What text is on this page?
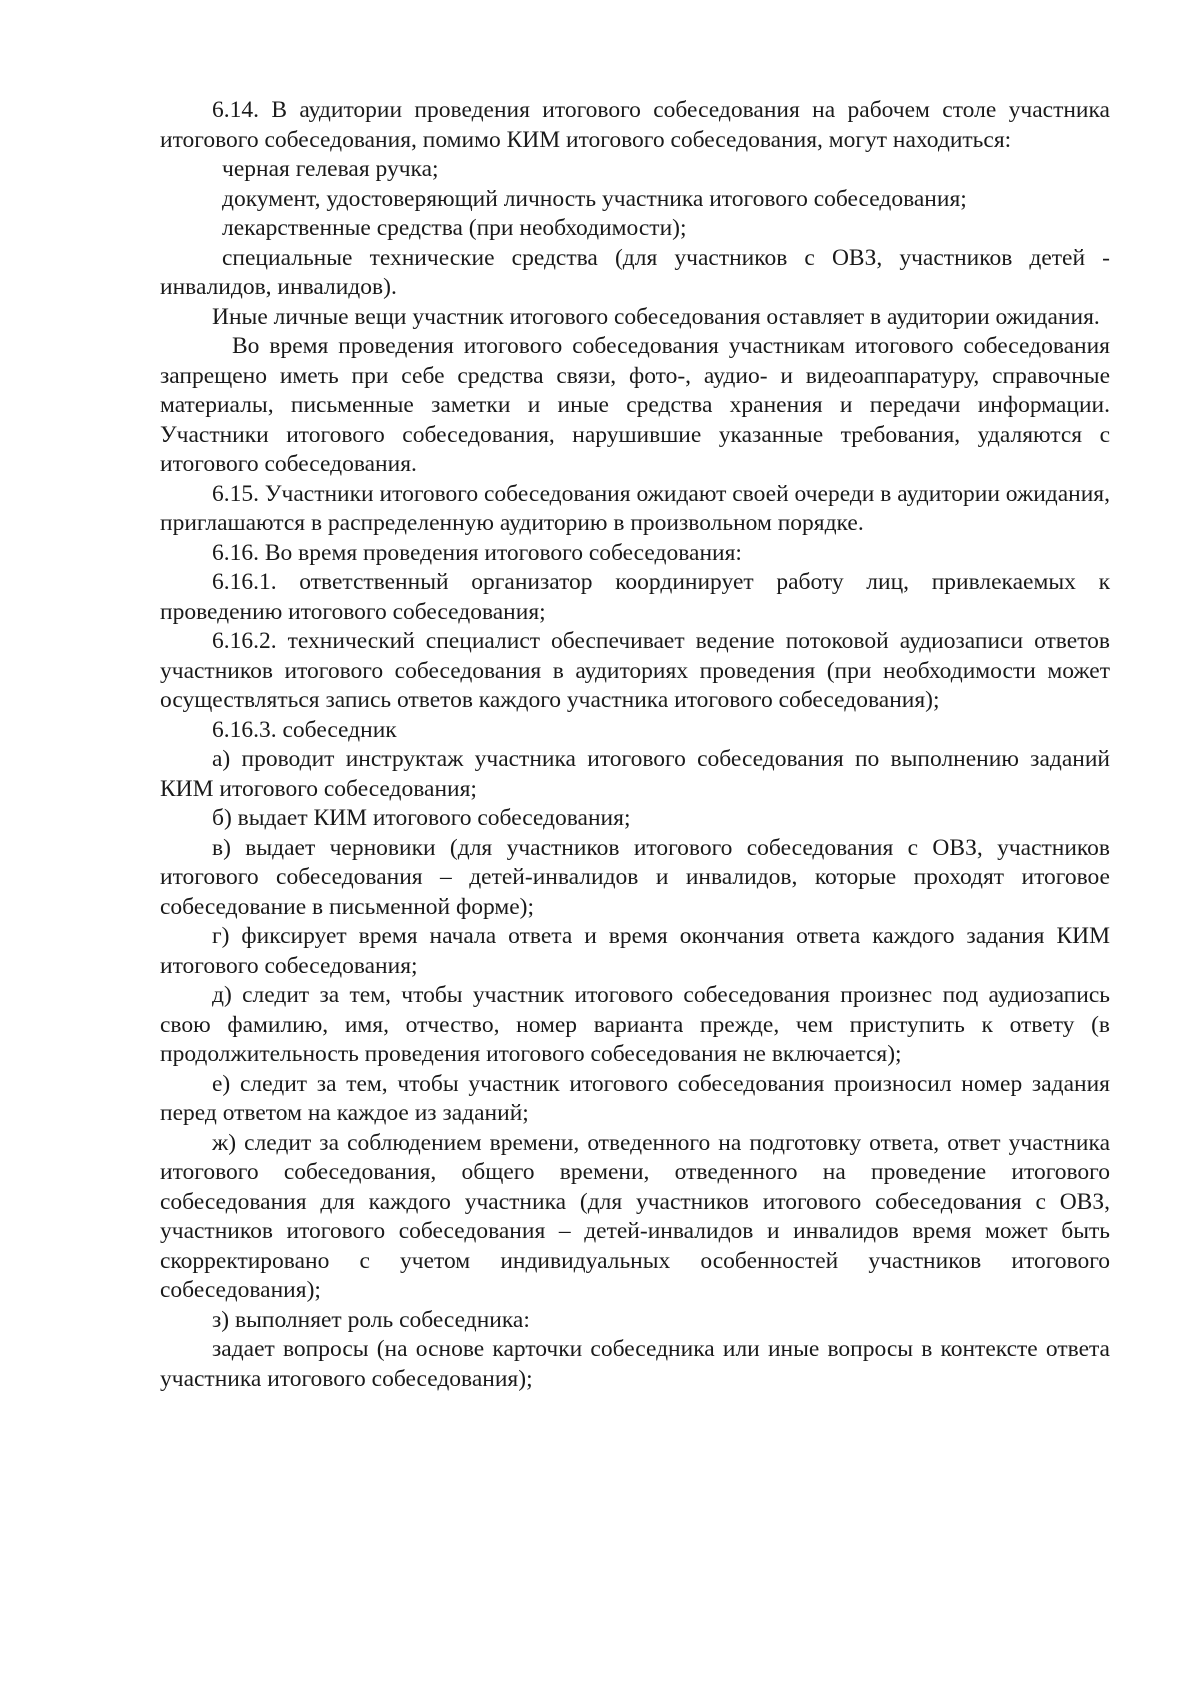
6.14. В аудитории проведения итогового собеседования на рабочем столе участника итогового собеседования, помимо КИМ итогового собеседования, могут находиться:

черная гелевая ручка;

документ, удостоверяющий личность участника итогового собеседования;

лекарственные средства (при необходимости);

специальные технические средства (для участников с ОВЗ, участников детей - инвалидов, инвалидов).

Иные личные вещи участник итогового собеседования оставляет в аудитории ожидания.

Во время проведения итогового собеседования участникам итогового собеседования запрещено иметь при себе средства связи, фото-, аудио- и видеоаппаратуру, справочные материалы, письменные заметки и иные средства хранения и передачи информации. Участники итогового собеседования, нарушившие указанные требования, удаляются с итогового собеседования.

6.15. Участники итогового собеседования ожидают своей очереди в аудитории ожидания, приглашаются в распределенную аудиторию в произвольном порядке.

6.16. Во время проведения итогового собеседования:

6.16.1. ответственный организатор координирует работу лиц, привлекаемых к проведению итогового собеседования;

6.16.2. технический специалист обеспечивает ведение потоковой аудиозаписи ответов участников итогового собеседования в аудиториях проведения (при необходимости может осуществляться запись ответов каждого участника итогового собеседования);

6.16.3. собеседник

а) проводит инструктаж участника итогового собеседования по выполнению заданий КИМ итогового собеседования;

б) выдает КИМ итогового собеседования;

в) выдает черновики (для участников итогового собеседования с ОВЗ, участников итогового собеседования – детей-инвалидов и инвалидов, которые проходят итоговое собеседование в письменной форме);

г) фиксирует время начала ответа и время окончания ответа каждого задания КИМ итогового собеседования;

д) следит за тем, чтобы участник итогового собеседования произнес под аудиозапись свою фамилию, имя, отчество, номер варианта прежде, чем приступить к ответу (в продолжительность проведения итогового собеседования не включается);

е) следит за тем, чтобы участник итогового собеседования произносил номер задания перед ответом на каждое из заданий;

ж) следит за соблюдением времени, отведенного на подготовку ответа, ответ участника итогового собеседования, общего времени, отведенного на проведение итогового собеседования для каждого участника (для участников итогового собеседования с ОВЗ, участников итогового собеседования – детей-инвалидов и инвалидов время может быть скорректировано с учетом индивидуальных особенностей участников итогового собеседования);

з) выполняет роль собеседника:

задает вопросы (на основе карточки собеседника или иные вопросы в контексте ответа участника итогового собеседования);
